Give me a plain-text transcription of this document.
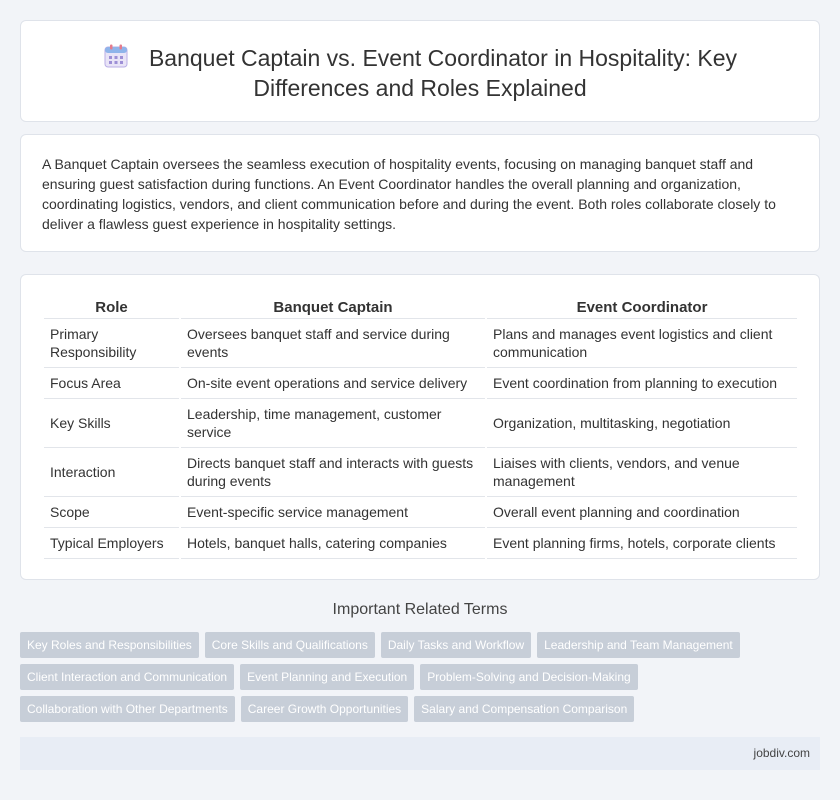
Banquet Captain vs. Event Coordinator in Hospitality: Key Differences and Roles Explained

A Banquet Captain oversees the seamless execution of hospitality events, focusing on managing banquet staff and ensuring guest satisfaction during functions. An Event Coordinator handles the overall planning and organization, coordinating logistics, vendors, and client communication before and during the event. Both roles collaborate closely to deliver a flawless guest experience in hospitality settings.

Role	Banquet Captain	Event Coordinator
Primary Responsibility	Oversees banquet staff and service during events	Plans and manages event logistics and client communication
Focus Area	On-site event operations and service delivery	Event coordination from planning to execution
Key Skills	Leadership, time management, customer service	Organization, multitasking, negotiation
Interaction	Directs banquet staff and interacts with guests during events	Liaises with clients, vendors, and venue management
Scope	Event-specific service management	Overall event planning and coordination
Typical Employers	Hotels, banquet halls, catering companies	Event planning firms, hotels, corporate clients
Important Related Terms
Key Roles and Responsibilities	Core Skills and Qualifications	Daily Tasks and Workflow	Leadership and Team Management
Client Interaction and Communication	Event Planning and Execution	Problem-Solving and Decision-Making
Collaboration with Other Departments	Career Growth Opportunities	Salary and Compensation Comparison
jobdiv.com
